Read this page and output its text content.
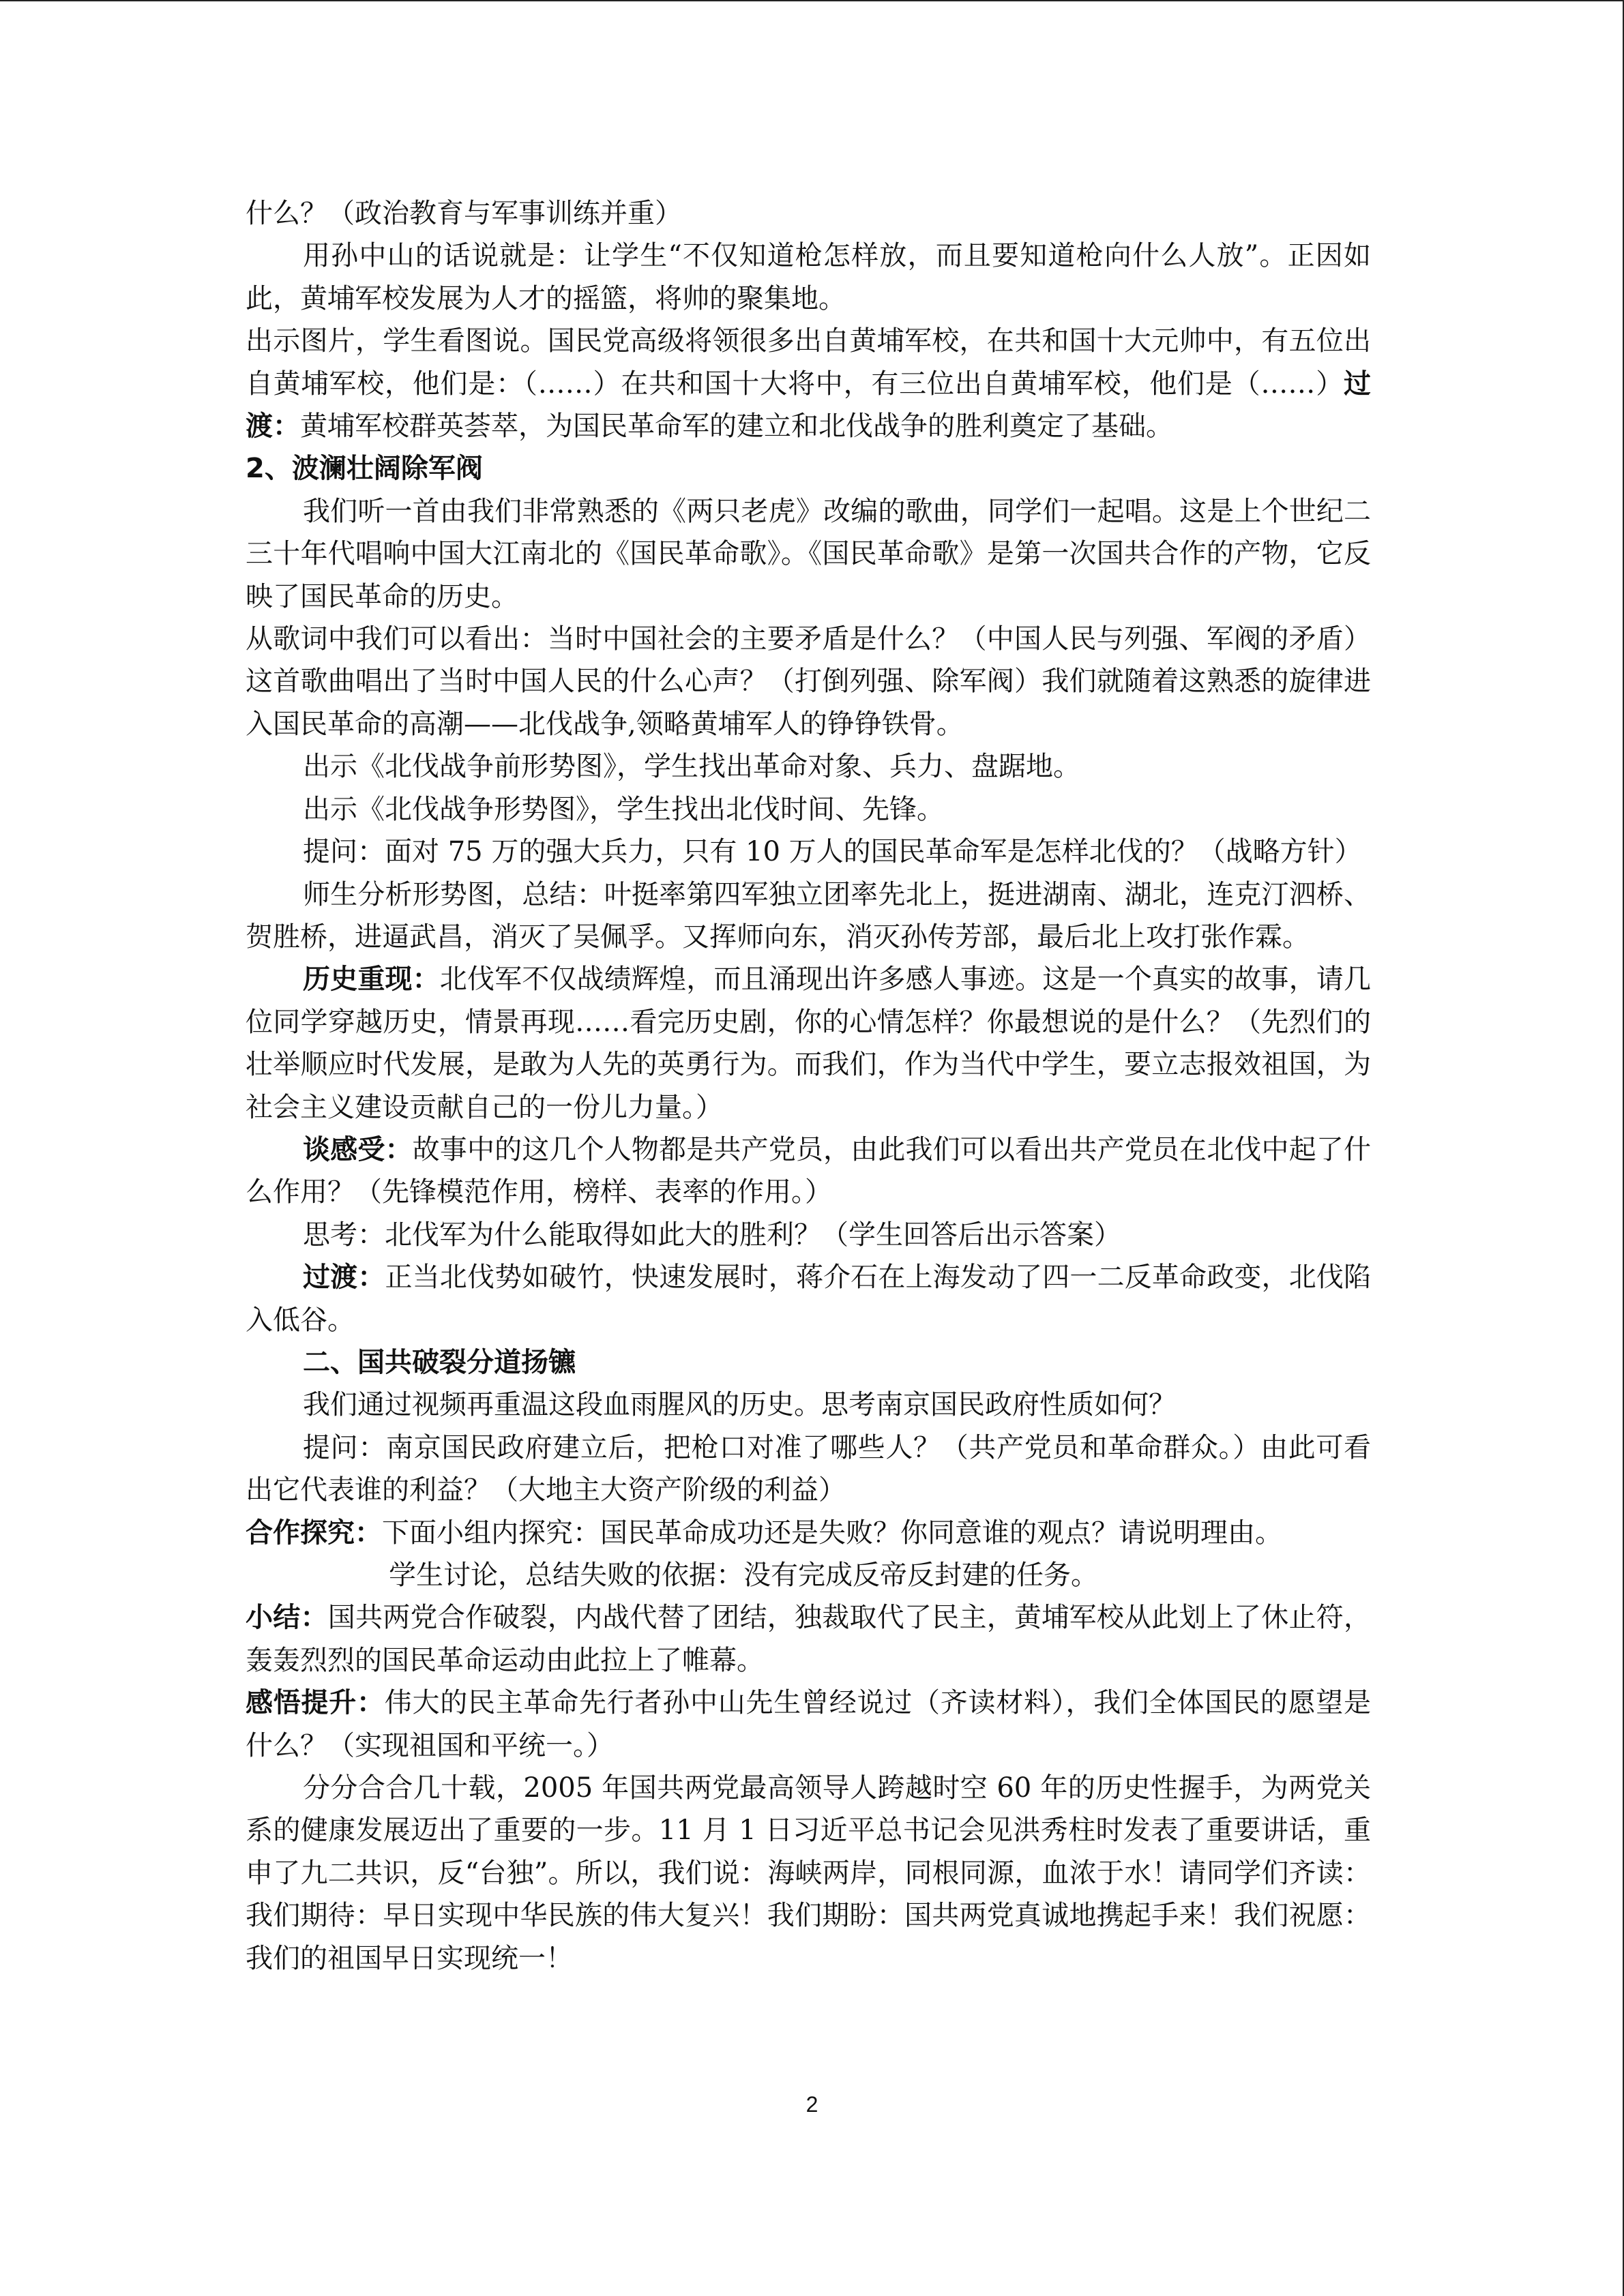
什么？（政治教育与军事训练并重）

用孙中山的话说就是：让学生“不仅知道枪怎样放，而且要知道枪向什么人放”。正因如此，黄埔军校发展为人才的摇篮，将帅的聚集地。

出示图片，学生看图说。国民党高级将领很多出自黄埔军校，在共和国十大元帅中，有五位出自黄埔军校，他们是：（……）在共和国十大将中，有三位出自黄埔军校，他们是（……）过渡：黄埔军校群英荟萃，为国民革命军的建立和北伐战争的胜利奠定了基础。

2、波澜壮阔除军阀

我们听一首由我们非常熟悉的《两只老虎》改编的歌曲，同学们一起唱。这是上个世纪二三十年代唱响中国大江南北的《国民革命歌》。《国民革命歌》是第一次国共合作的产物，它反映了国民革命的历史。

从歌词中我们可以看出：当时中国社会的主要矛盾是什么？（中国人民与列强、军阀的矛盾）这首歌曲唱出了当时中国人民的什么心声？（打倒列强、除军阀）我们就随着这熟悉的旋律进入国民革命的高潮——北伐战争,领略黄埔军人的铮铮铁骨。

出示《北伐战争前形势图》，学生找出革命对象、兵力、盘踞地。

出示《北伐战争形势图》，学生找出北伐时间、先锋。

提问：面对 75 万的强大兵力，只有 10 万人的国民革命军是怎样北伐的？（战略方针）

师生分析形势图，总结：叶挺率第四军独立团率先北上，挺进湖南、湖北，连克汀泗桥、贺胜桥，进逼武昌，消灭了吴佩孚。又挥师向东，消灭孙传芳部，最后北上攻打张作霖。

历史重现：北伐军不仅战绩辉煌，而且涌现出许多感人事迹。这是一个真实的故事，请几位同学穿越历史，情景再现……看完历史剧，你的心情怎样？你最想说的是什么？（先烈们的壮举顺应时代发展，是敢为人先的英勇行为。而我们，作为当代中学生，要立志报效祖国，为社会主义建设贡献自己的一份儿力量。）

谈感受：故事中的这几个人物都是共产党员，由此我们可以看出共产党员在北伐中起了什么作用？（先锋模范作用，榜样、表率的作用。）

思考：北伐军为什么能取得如此大的胜利？（学生回答后出示答案）

过渡：正当北伐势如破竹，快速发展时，蒋介石在上海发动了四一二反革命政变，北伐陷入低谷。

二、国共破裂分道扬镳

我们通过视频再重温这段血雨腥风的历史。思考南京国民政府性质如何？

提问：南京国民政府建立后，把枪口对准了哪些人？（共产党员和革命群众。）由此可看出它代表谁的利益？（大地主大资产阶级的利益）

合作探究：下面小组内探究：国民革命成功还是失败？你同意谁的观点？请说明理由。

学生讨论，总结失败的依据：没有完成反帝反封建的任务。

小结：国共两党合作破裂，内战代替了团结，独裁取代了民主，黄埔军校从此划上了休止符，轰轰烈烈的国民革命运动由此拉上了帷幕。

感悟提升：伟大的民主革命先行者孙中山先生曾经说过（齐读材料），我们全体国民的愿望是什么？（实现祖国和平统一。）

分分合合几十载，2005 年国共两党最高领导人跨越时空 60 年的历史性握手，为两党关系的健康发展迈出了重要的一步。11 月 1 日习近平总书记会见洪秀柱时发表了重要讲话，重申了九二共识，反“台独”。所以，我们说：海峡两岸，同根同源，血浓于水！请同学们齐读：我们期待：早日实现中华民族的伟大复兴！我们期盼：国共两党真诚地携起手来！我们祝愿：我们的祖国早日实现统一！

2
